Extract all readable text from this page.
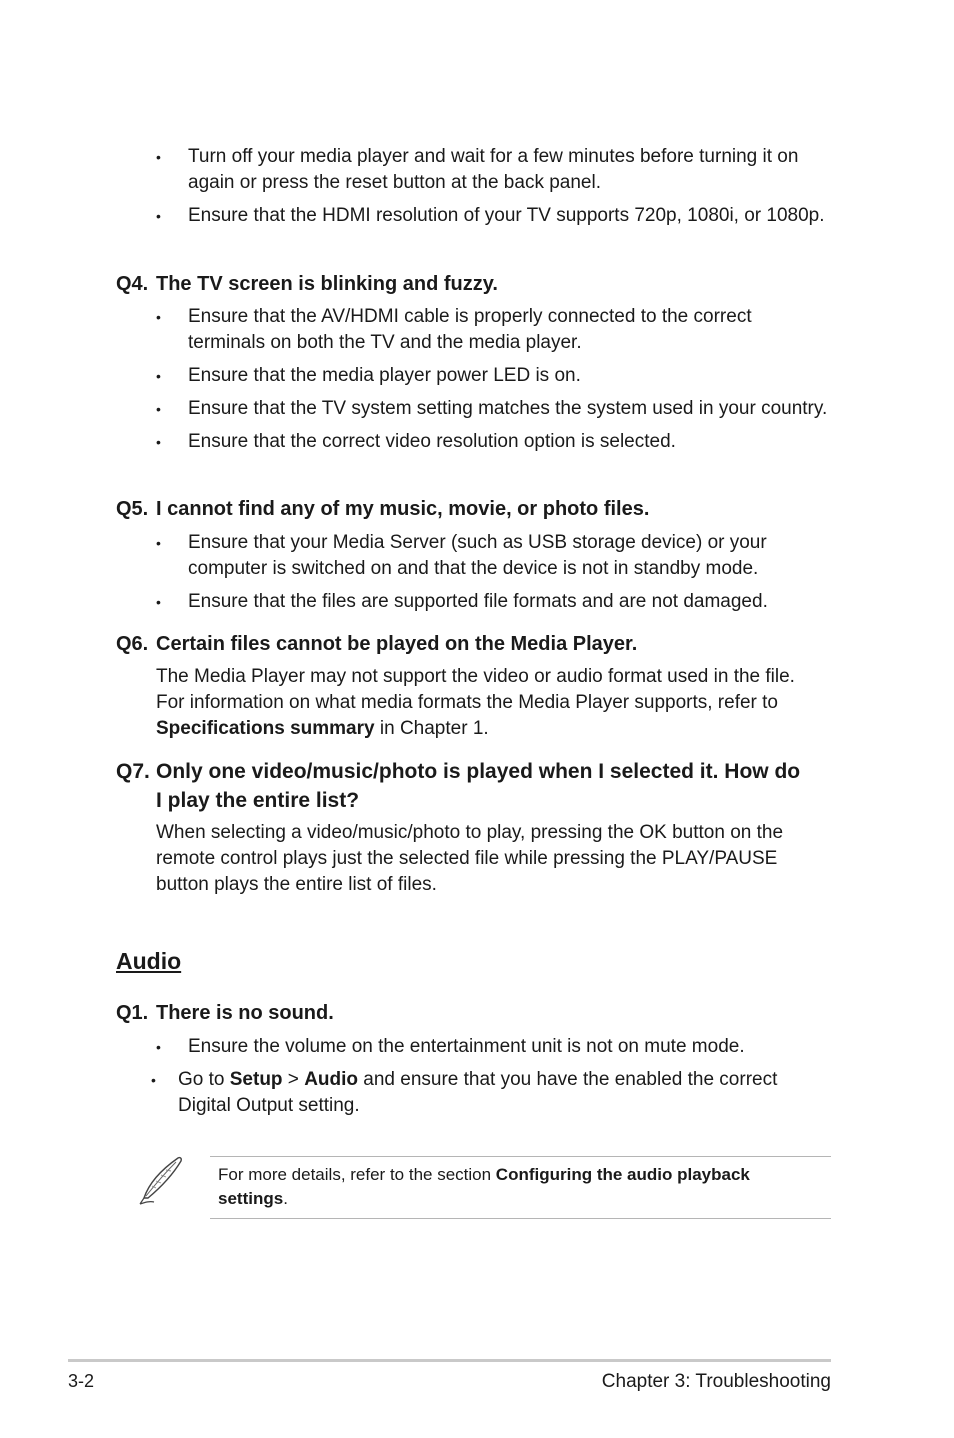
• Turn off your media player and wait for a few minutes before turning it on again or press the reset button at the back panel.
• Ensure that the HDMI resolution of your TV supports 720p, 1080i, or 1080p.
Q4. The TV screen is blinking and fuzzy.
• Ensure that the AV/HDMI cable is properly connected to the correct terminals on both the TV and the media player.
• Ensure that the media player power LED is on.
• Ensure that the TV system setting matches the system used in your country.
• Ensure that the correct video resolution option is selected.
Q5. I cannot find any of my music, movie, or photo files.
• Ensure that your Media Server (such as USB storage device) or your computer is switched on and that the device is not in standby mode.
• Ensure that the files are supported file formats and are not damaged.
Q6. Certain files cannot be played on the Media Player.

The Media Player may not support the video or audio format used in the file. For information on what media formats the Media Player supports, refer to Specifications summary in Chapter 1.

Q7. Only one video/music/photo is played when I selected it. How do
I play the entire list?

When selecting a video/music/photo to play, pressing the OK button on the remote control plays just the selected file while pressing the PLAY/PAUSE button plays the entire list of files.

Audio
Q1. There is no sound.
• Ensure the volume on the entertainment unit is not on mute mode.
• Go to Setup > Audio and ensure that you have the enabled the correct Digital Output setting.

For more details, refer to the section Configuring the audio playback settings.

3-2	Chapter 3: Troubleshooting
